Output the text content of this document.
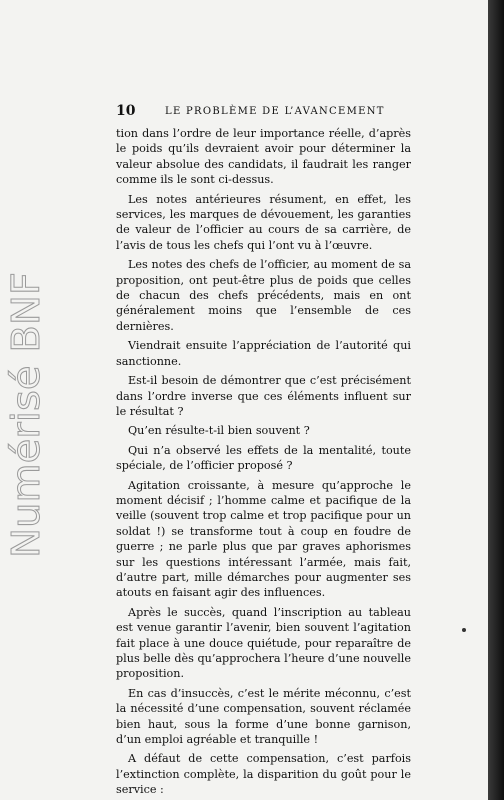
Numérisé BNF
10	LE PROBLÈME DE L’AVANCEMENT

tion dans l’ordre de leur importance réelle, d’après le poids qu’ils devraient avoir pour déterminer la valeur absolue des candidats, il faudrait les ranger comme ils le sont ci-dessus.

Les notes antérieures résument, en effet, les services, les marques de dévouement, les garanties de valeur de l’officier au cours de sa carrière, de l’avis de tous les chefs qui l’ont vu à l’œuvre.

Les notes des chefs de l’officier, au moment de sa proposition, ont peut-être plus de poids que celles de chacun des chefs précédents, mais en ont généralement moins que l’ensemble de ces dernières.

Viendrait ensuite l’appréciation de l’autorité qui sanctionne.

Est-il besoin de démontrer que c’est précisément dans l’ordre inverse que ces éléments influent sur le résultat ?

Qu’en résulte-t-il bien souvent ?

Qui n’a observé les effets de la mentalité, toute spéciale, de l’officier proposé ?

Agitation croissante, à mesure qu’approche le moment décisif ; l’homme calme et pacifique de la veille (souvent trop calme et trop pacifique pour un soldat !) se transforme tout à coup en foudre de guerre ; ne parle plus que par graves aphorismes sur les questions intéressant l’armée, mais fait, d’autre part, mille démarches pour augmenter ses atouts en faisant agir des influences.

Après le succès, quand l’inscription au tableau est venue garantir l’avenir, bien souvent l’agitation fait place à une douce quiétude, pour reparaître de plus belle dès qu’approchera l’heure d’une nouvelle proposition.

En cas d’insuccès, c’est le mérite méconnu, c’est la nécessité d’une compensation, souvent réclamée bien haut, sous la forme d’une bonne garnison, d’un emploi agréable et tranquille !

A défaut de cette compensation, c’est parfois l’extinction complète, la disparition du goût pour le service :
